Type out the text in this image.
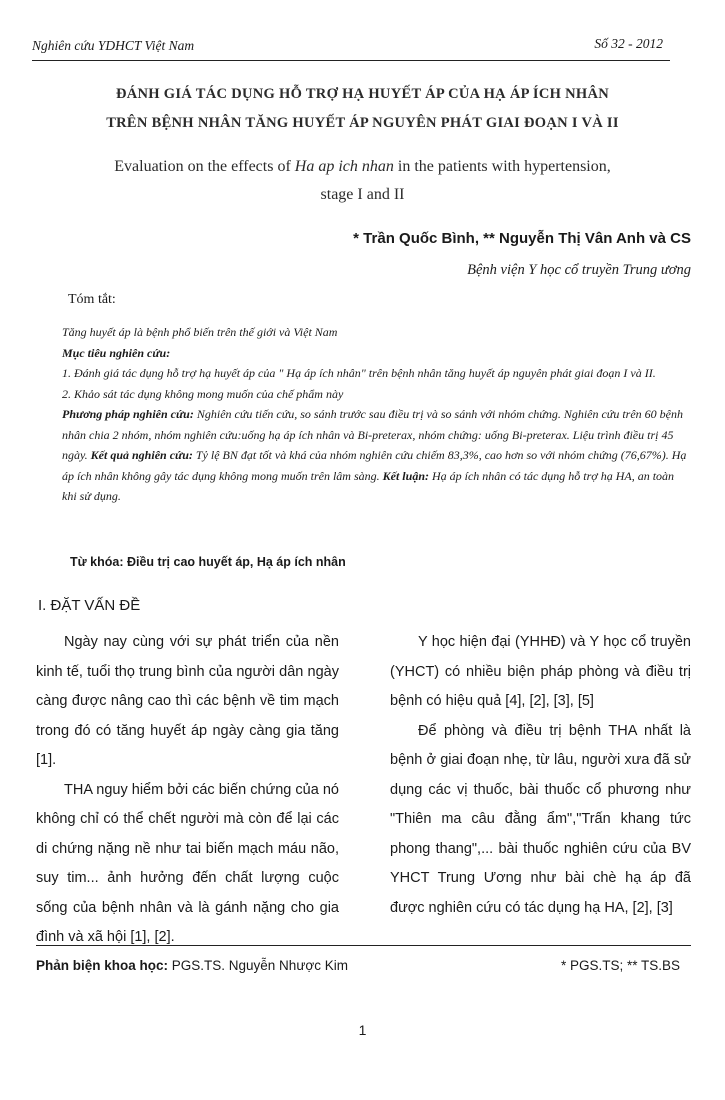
Nghiên cứu YDHCT Việt Nam	Số 32 - 2012
ĐÁNH GIÁ TÁC DỤNG HỖ TRỢ HẠ HUYẾT ÁP CỦA HẠ ÁP ÍCH NHÂN
TRÊN BỆNH NHÂN TĂNG HUYẾT ÁP NGUYÊN PHÁT GIAI ĐOẠN I VÀ II
Evaluation on the effects of Ha ap ich nhan in the patients with hypertension,
stage I and II
* Trần Quốc Bình, ** Nguyễn Thị Vân Anh và CS
Bệnh viện Y học cổ truyền Trung ương
Tóm tắt:

Tăng huyết áp là bệnh phổ biến trên thế giới và Việt Nam

Mục tiêu nghiên cứu:

1. Đánh giá tác dụng hỗ trợ hạ huyết áp của " Hạ áp ích nhân" trên bệnh nhân tăng huyết áp nguyên phát giai đoạn I và II.

2. Khảo sát tác dụng không mong muốn của chế phẩm này

Phương pháp nghiên cứu: Nghiên cứu tiến cứu, so sánh trước sau điều trị và so sánh với nhóm chứng. Nghiên cứu trên 60 bệnh nhân chia 2 nhóm, nhóm nghiên cứu:uống hạ áp ích nhân và Bi-preterax, nhóm chứng: uống Bi-preterax. Liệu trình điều trị 45 ngày. Kết quả nghiên cứu: Tỷ lệ BN đạt tốt và khá của nhóm nghiên cứu chiếm 83,3%, cao hơn so với nhóm chứng (76,67%). Hạ áp ích nhân không gây tác dụng không mong muốn trên lâm sàng. Kết luận: Hạ áp ích nhân có tác dụng hỗ trợ hạ HA, an toàn khi sử dụng.

Từ khóa: Điều trị cao huyết áp, Hạ áp ích nhân
I. ĐẶT VẤN ĐỀ

Ngày nay cùng với sự phát triển của nền kinh tế, tuổi thọ trung bình của người dân ngày càng được nâng cao thì các bệnh về tim mạch trong đó có tăng huyết áp ngày càng gia tăng [1].

THA nguy hiểm bởi các biến chứng của nó không chỉ có thể chết người mà còn để lại các di chứng nặng nề như tai biến mạch máu não, suy tim... ảnh hưởng đến chất lượng cuộc sống của bệnh nhân và là gánh nặng cho gia đình và xã hội [1], [2].

Y học hiện đại (YHHĐ) và Y học cổ truyền (YHCT) có nhiều biện pháp phòng và điều trị bệnh có hiệu quả [4], [2], [3], [5]

Để phòng và điều trị bệnh THA nhất là bệnh ở giai đoạn nhẹ, từ lâu, người xưa đã sử dụng các vị thuốc, bài thuốc cổ phương như "Thiên ma câu đằng ẩm","Trấn khang tức phong thang",... bài thuốc nghiên cứu của BV YHCT Trung Ương như bài chè hạ áp đã được nghiên cứu có tác dụng hạ HA, [2], [3]

Phản biện khoa học: PGS.TS. Nguyễn Nhược Kim	* PGS.TS; ** TS.BS
1
